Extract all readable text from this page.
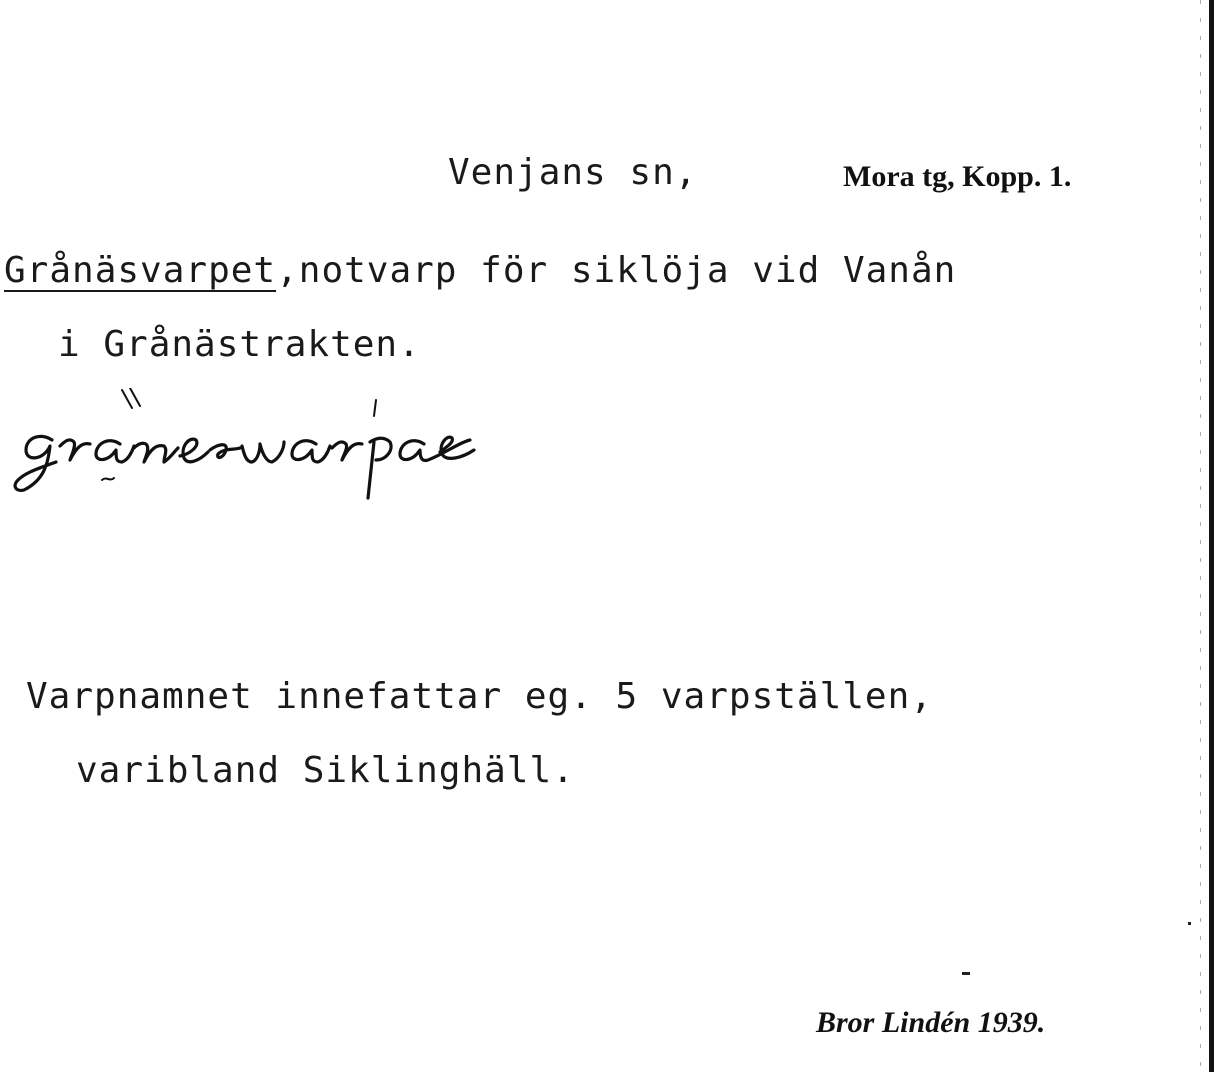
Venjans sn,	Mora tg, Kopp. 1.
Grånäsvarpet,notvarp för siklöja vid Vanån
i Grånästrakten.
Varpnamnet innefattar eg. 5 varpställen,
varibland Siklinghäll.
Bror Lindén 1939.
